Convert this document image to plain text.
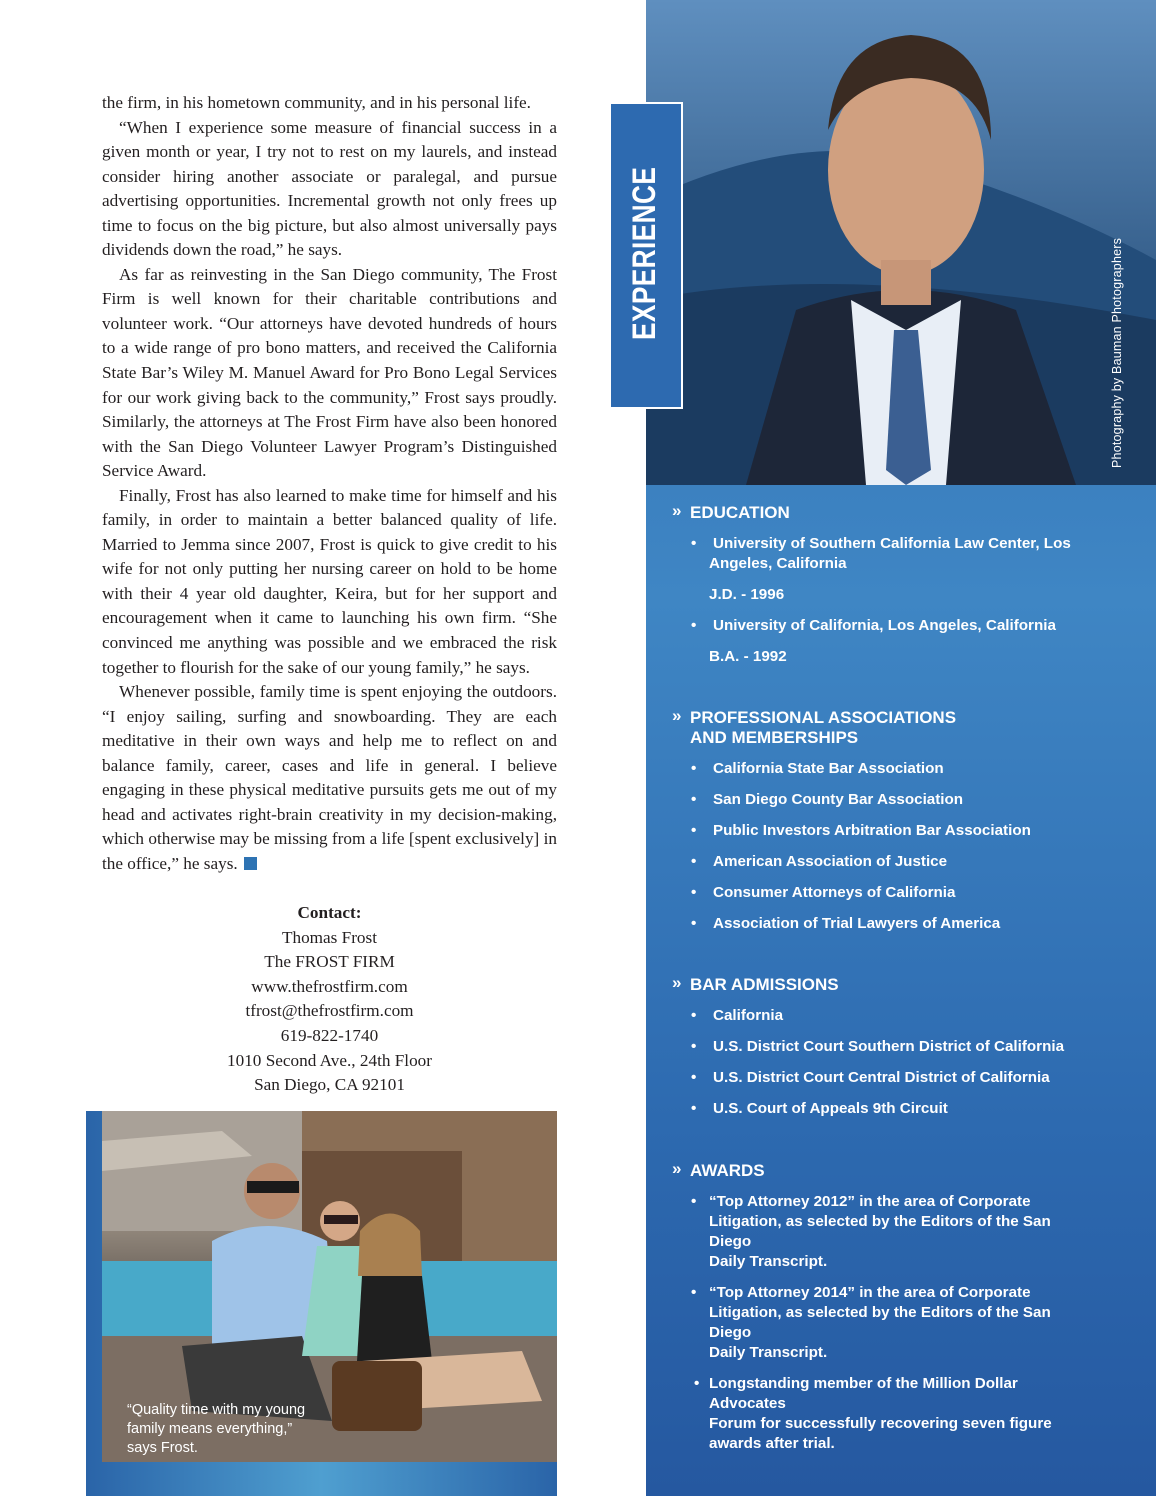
the firm, in his hometown community, and in his personal life.

“When I experience some measure of financial success in a given month or year, I try not to rest on my laurels, and instead consider hiring another associate or paralegal, and pursue advertising opportunities. Incremental growth not only frees up time to focus on the big picture, but also almost universally pays dividends down the road,” he says.

As far as reinvesting in the San Diego community, The Frost Firm is well known for their charitable contributions and volunteer work. “Our attorneys have devoted hundreds of hours to a wide range of pro bono matters, and received the California State Bar’s Wiley M. Manuel Award for Pro Bono Legal Services for our work giving back to the community,” Frost says proudly. Similarly, the attorneys at The Frost Firm have also been honored with the San Diego Volunteer Lawyer Program’s Distinguished Service Award.

Finally, Frost has also learned to make time for himself and his family, in order to maintain a better balanced quality of life. Married to Jemma since 2007, Frost is quick to give credit to his wife for not only putting her nursing career on hold to be home with their 4 year old daughter, Keira, but for her support and encouragement when it came to launching his own firm. “She convinced me anything was possible and we embraced the risk together to flourish for the sake of our young family,” he says.

Whenever possible, family time is spent enjoying the outdoors. “I enjoy sailing, surfing and snowboarding. They are each meditative in their own ways and help me to reflect on and balance family, career, cases and life in general. I believe engaging in these physical meditative pursuits gets me out of my head and activates right-brain creativity in my decision-making, which otherwise may be missing from a life [spent exclusively] in the office,” he says.

Contact:
Thomas Frost
The FROST FIRM
www.thefrostfirm.com
tfrost@thefrostfirm.com
619-822-1740
1010 Second Ave., 24th Floor
San Diego, CA 92101
“Quality time with my young
family means everything,”
says Frost.
Photography by Bauman Photographers
EXPERIENCE
» EDUCATION
• University of Southern California Law Center, Los
Angeles, California
J.D. - 1996
• University of California, Los Angeles, California
B.A. - 1992
» PROFESSIONAL ASSOCIATIONS
AND MEMBERSHIPS
• California State Bar Association
• San Diego County Bar Association
• Public Investors Arbitration Bar Association
• American Association of Justice
• Consumer Attorneys of California
• Association of Trial Lawyers of America
» BAR ADMISSIONS
• California
• U.S. District Court Southern District of California
• U.S. District Court Central District of California
• U.S. Court of Appeals 9th Circuit
» AWARDS
• “Top Attorney 2012” in the area of Corporate
Litigation, as selected by the Editors of the San Diego
Daily Transcript.
• “Top Attorney 2014” in the area of Corporate
Litigation, as selected by the Editors of the San Diego
Daily Transcript.
• Longstanding member of the Million Dollar Advocates
Forum for successfully recovering seven figure
awards after trial.
